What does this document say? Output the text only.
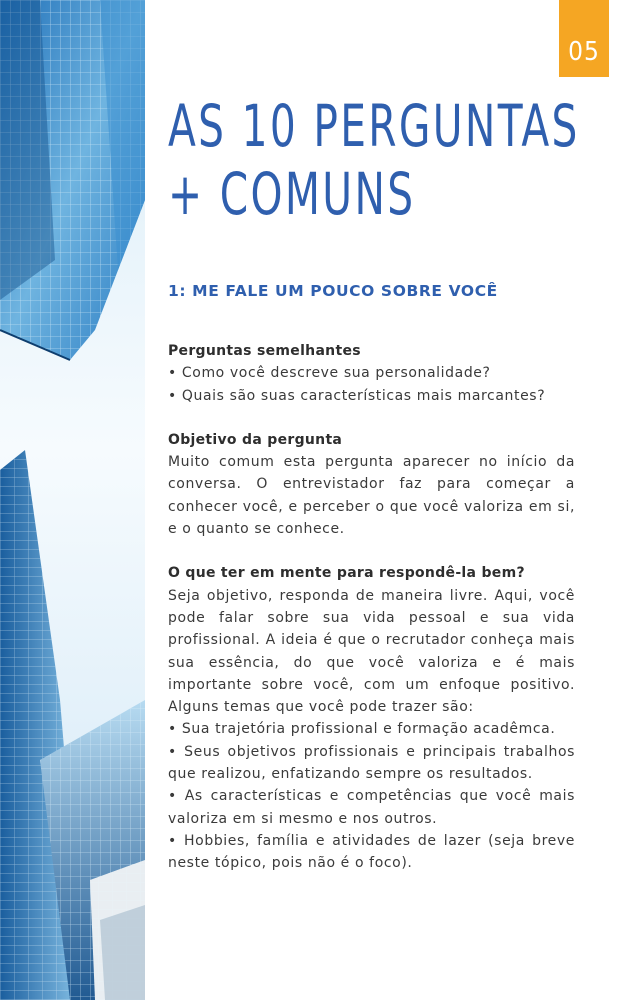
05
AS 10 PERGUNTAS
+ COMUNS
1: ME FALE UM POUCO SOBRE VOCÊ
Perguntas semelhantes
• Como você descreve sua personalidade?
• Quais são suas características mais marcantes?
Objetivo da pergunta

Muito comum esta pergunta aparecer no início da conversa. O entrevistador faz para começar a conhecer você, e perceber o que você valoriza em si, e o quanto se conhece.

O que ter em mente para respondê-la bem?

Seja objetivo, responda de maneira livre. Aqui, você pode falar sobre sua vida pessoal e sua vida profissional. A ideia é que o recrutador conheça mais sua essência, do que você valoriza e é mais importante sobre você, com um enfoque positivo. Alguns temas que você pode trazer são:

• Sua trajetória profissional e formação acadêmca.
• Seus objetivos profissionais e principais trabalhos que realizou, enfatizando sempre os resultados.
• As características e competências que você mais valoriza em si mesmo e nos outros.
• Hobbies, família e atividades de lazer (seja breve neste tópico, pois não é o foco).
